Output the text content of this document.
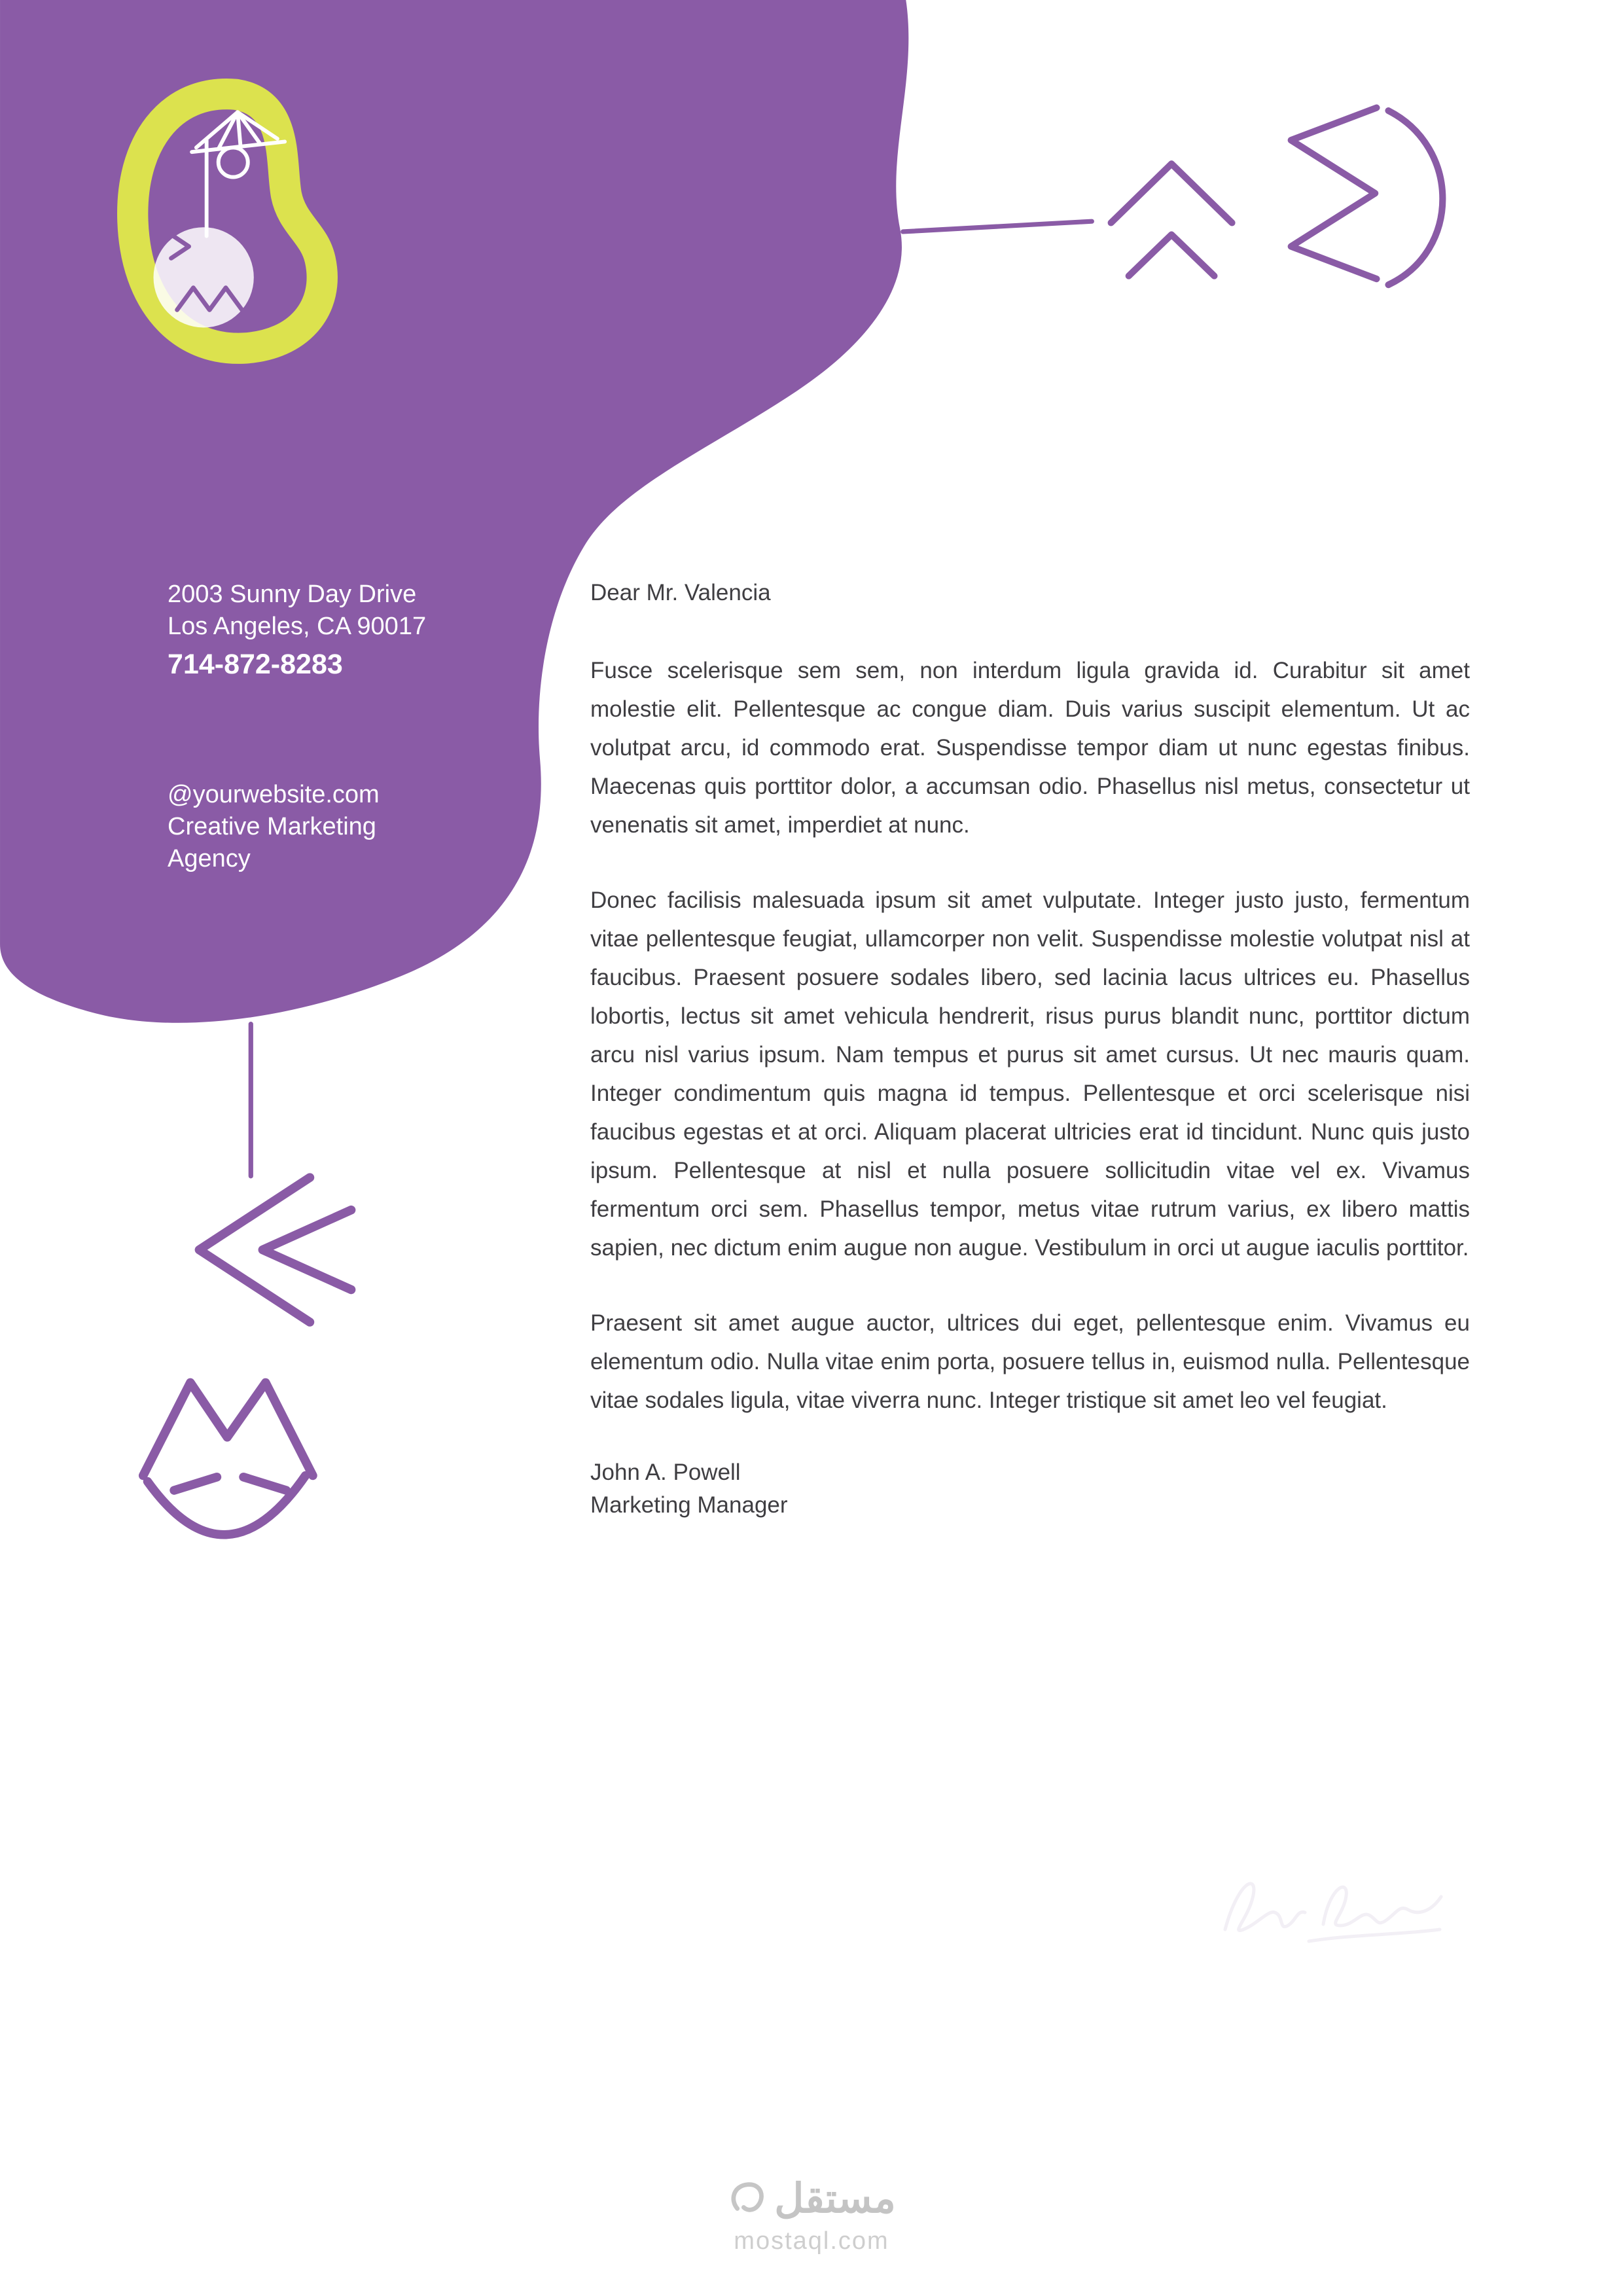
2003 Sunny Day Drive
Los Angeles, CA 90017
714-872-8283
@yourwebsite.com
Creative Marketing
Agency
Dear Mr. Valencia

Fusce scelerisque sem sem, non interdum ligula gravida id. Curabitur sit amet molestie elit. Pellentesque ac congue diam. Duis varius suscipit elementum. Ut ac volutpat arcu, id commodo erat. Suspendisse tempor diam ut nunc egestas finibus. Maecenas quis porttitor dolor, a accumsan odio. Phasellus nisl metus, consectetur ut venenatis sit amet, imperdiet at nunc.

Donec facilisis malesuada ipsum sit amet vulputate. Integer justo justo, fermentum vitae pellentesque feugiat, ullamcorper non velit. Suspendisse molestie volutpat nisl at faucibus. Praesent posuere sodales libero, sed lacinia lacus ultrices eu. Phasellus lobortis, lectus sit amet vehicula hendrerit, risus purus blandit nunc, porttitor dictum arcu nisl varius ipsum. Nam tempus et purus sit amet cursus. Ut nec mauris quam. Integer condimentum quis magna id tempus. Pellentesque et orci scelerisque nisi faucibus egestas et at orci. Aliquam placerat ultricies erat id tincidunt. Nunc quis justo ipsum. Pellentesque at nisl et nulla posuere sollicitudin vitae vel ex. Vivamus fermentum orci sem. Phasellus tempor, metus vitae rutrum varius, ex libero mattis sapien, nec dictum enim augue non augue. Vestibulum in orci ut augue iaculis porttitor.

Praesent sit amet augue auctor, ultrices dui eget, pellentesque enim. Vivamus eu elementum odio. Nulla vitae enim porta, posuere tellus in, euismod nulla. Pellentesque vitae sodales ligula, vitae viverra nunc. Integer tristique sit amet leo vel feugiat.

John A. Powell
Marketing Manager
مستقل
mostaql.com
